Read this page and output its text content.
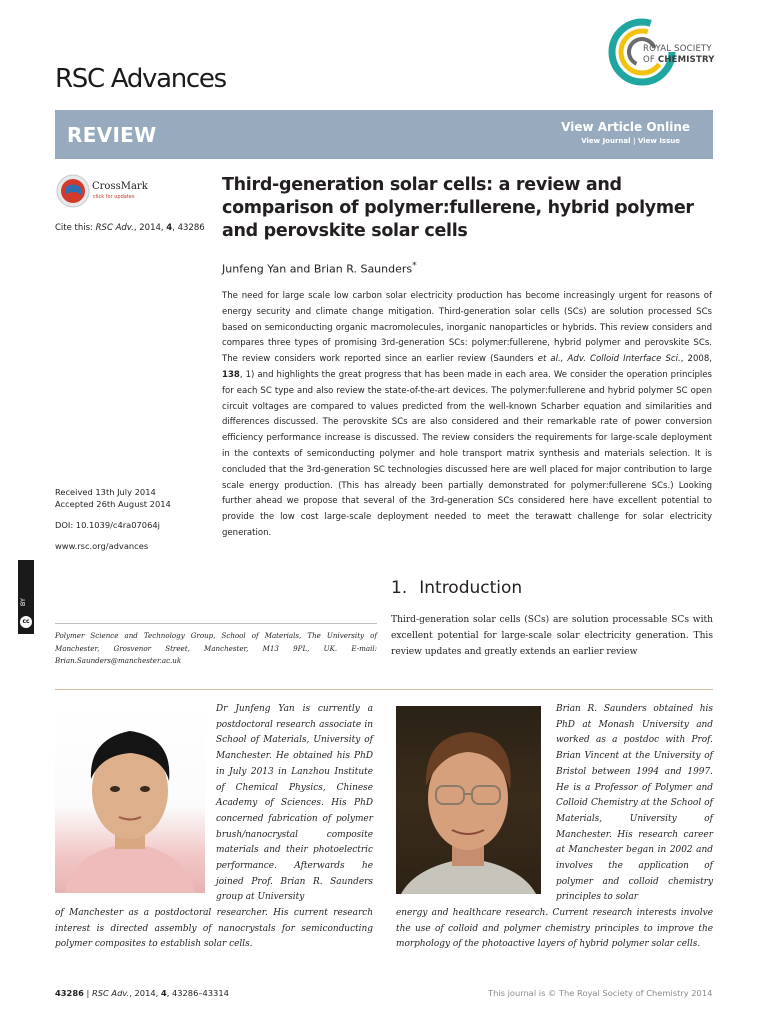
RSC Advances
ROYAL SOCIETY
OF CHEMISTRY
REVIEW	View Article Online
View Journal | View Issue
CrossMark
click for updates
Cite this: RSC Adv., 2014, 4, 43286
Third-generation solar cells: a review and comparison of polymer:fullerene, hybrid polymer and perovskite solar cells
Junfeng Yan and Brian R. Saunders*
The need for large scale low carbon solar electricity production has become increasingly urgent for reasons of energy security and climate change mitigation. Third-generation solar cells (SCs) are solution processed SCs based on semiconducting organic macromolecules, inorganic nanoparticles or hybrids. This review considers and compares three types of promising 3rd-generation SCs: polymer:fullerene, hybrid polymer and perovskite SCs. The review considers work reported since an earlier review (Saunders et al., Adv. Colloid Interface Sci., 2008, 138, 1) and highlights the great progress that has been made in each area. We consider the operation principles for each SC type and also review the state-of-the-art devices. The polymer:fullerene and hybrid polymer SC open circuit voltages are compared to values predicted from the well-known Scharber equation and similarities and differences discussed. The perovskite SCs are also considered and their remarkable rate of power conversion efficiency performance increase is discussed. The review considers the requirements for large-scale deployment in the contexts of semiconducting polymer and hole transport matrix synthesis and materials selection. It is concluded that the 3rd-generation SC technologies discussed here are well placed for major contribution to large scale energy production. (This has already been partially demonstrated for polymer:fullerene SCs.) Looking further ahead we propose that several of the 3rd-generation SCs considered here have excellent potential to provide the low cost large-scale deployment needed to meet the terawatt challenge for solar electricity generation.
Received 13th July 2014
Accepted 26th August 2014
DOI: 10.1039/c4ra07064j
www.rsc.org/advances
BY
cc
1. Introduction
Third-generation solar cells (SCs) are solution processable SCs with excellent potential for large-scale solar electricity generation. This review updates and greatly extends an earlier review
Polymer Science and Technology Group, School of Materials, The University of Manchester, Grosvenor Street, Manchester, M13 9PL, UK. E-mail: Brian.Saunders@manchester.ac.uk

Dr Junfeng Yan is currently a postdoctoral research associate in School of Materials, University of Manchester. He obtained his PhD in July 2013 in Lanzhou Institute of Chemical Physics, Chinese Academy of Sciences. His PhD concerned fabrication of polymer brush/nanocrystal composite materials and their photoelectric performance. Afterwards he joined Prof. Brian R. Saunders group at University

of Manchester as a postdoctoral researcher. His current research interest is directed assembly of nanocrystals for semiconducting polymer composites to establish solar cells.

Brian R. Saunders obtained his PhD at Monash University and worked as a postdoc with Prof. Brian Vincent at the University of Bristol between 1994 and 1997. He is a Professor of Polymer and Colloid Chemistry at the School of Materials, University of Manchester. His research career at Manchester began in 2002 and involves the application of polymer and colloid chemistry principles to solar

energy and healthcare research. Current research interests involve the use of colloid and polymer chemistry principles to improve the morphology of the photoactive layers of hybrid polymer solar cells.

43286 | RSC Adv., 2014, 4, 43286–43314	This journal is © The Royal Society of Chemistry 2014
